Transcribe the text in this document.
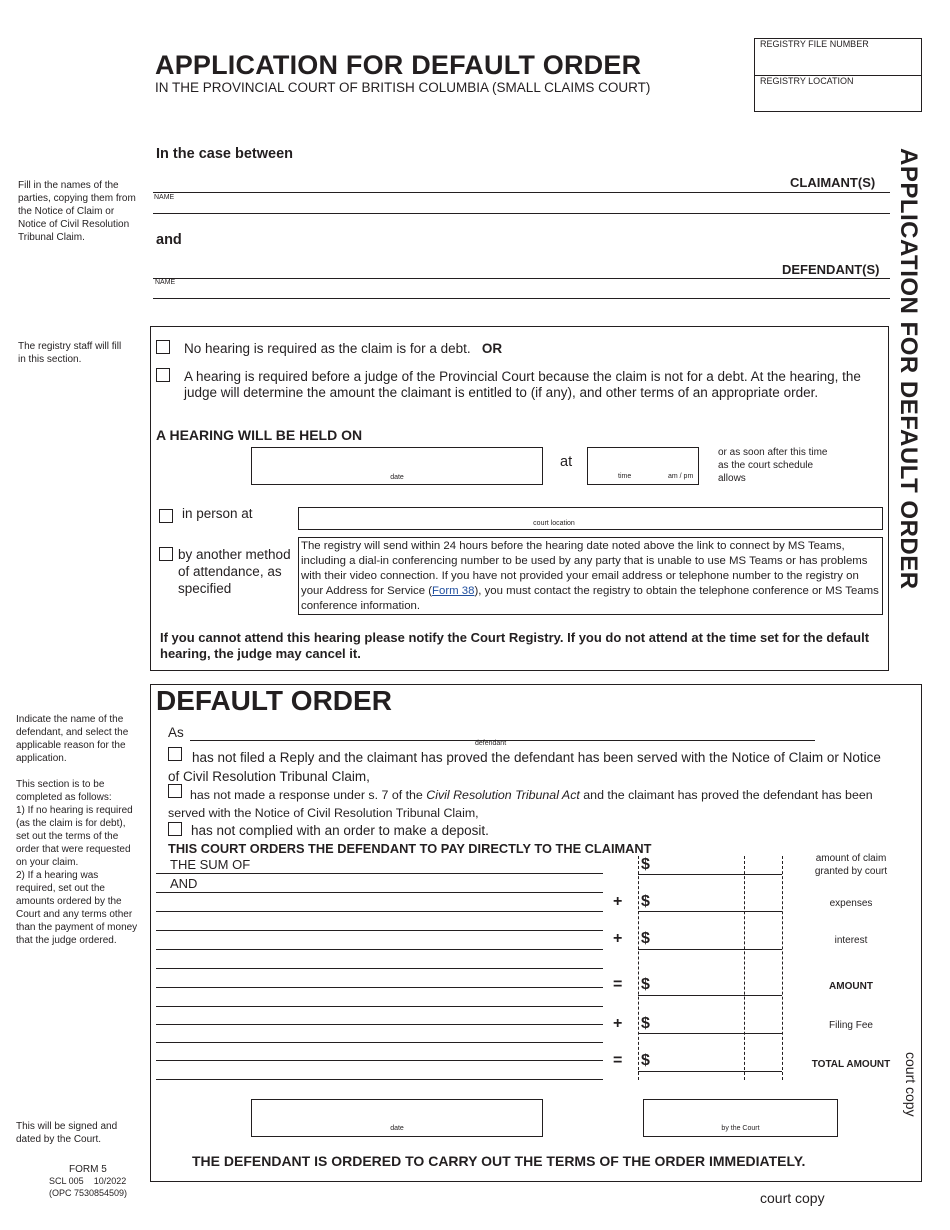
APPLICATION FOR DEFAULT ORDER
IN THE PROVINCIAL COURT OF BRITISH COLUMBIA (SMALL CLAIMS COURT)
REGISTRY FILE NUMBER
REGISTRY LOCATION
APPLICATION FOR DEFAULT ORDER
Fill in the names of the parties, copying them from the Notice of Claim or Notice of Civil Resolution Tribunal Claim.
In the case between
CLAIMANT(S)
NAME
and
DEFENDANT(S)
NAME
The registry staff will fill in this section.
No hearing is required as the claim is for a debt. OR
A hearing is required before a judge of the Provincial Court because the claim is not for a debt. At the hearing, the judge will determine the amount the claimant is entitled to (if any), and other terms of an appropriate order.
A HEARING WILL BE HELD ON
date
at
time	am / pm
or as soon after this time as the court schedule allows
in person at
court location
by another method of attendance, as specified
The registry will send within 24 hours before the hearing date noted above the link to connect by MS Teams, including a dial-in conferencing number to be used by any party that is unable to use MS Teams or has problems with their video connection. If you have not provided your email address or telephone number to the registry on your Address for Service (Form 38), you must contact the registry to obtain the telephone conference or MS Teams conference information.
If you cannot attend this hearing please notify the Court Registry. If you do not attend at the time set for the default hearing, the judge may cancel it.
Indicate the name of the defendant, and select the applicable reason for the application.
This section is to be completed as follows:
1) If no hearing is required (as the claim is for debt), set out the terms of the order that were requested on your claim.
2) If a hearing was required, set out the amounts ordered by the Court and any terms other than the payment of money that the judge ordered.
DEFAULT ORDER
As
defendant
has not filed a Reply and the claimant has proved the defendant has been served with the Notice of Claim or Notice of Civil Resolution Tribunal Claim,
has not made a response under s. 7 of the Civil Resolution Tribunal Act and the claimant has proved the defendant has been served with the Notice of Civil Resolution Tribunal Claim,
has not complied with an order to make a deposit.
THIS COURT ORDERS THE DEFENDANT TO PAY DIRECTLY TO THE CLAIMANT
THE SUM OF
AND
$	amount of claim granted by court
+ $	expenses
+ $	interest
= $	AMOUNT
+ $	Filing Fee
= $	TOTAL AMOUNT court copy
This will be signed and dated by the Court.
date	by the Court
THE DEFENDANT IS ORDERED TO CARRY OUT THE TERMS OF THE ORDER IMMEDIATELY.
FORM 5
SCL 005    10/2022
(OPC 7530854509)	court copy
